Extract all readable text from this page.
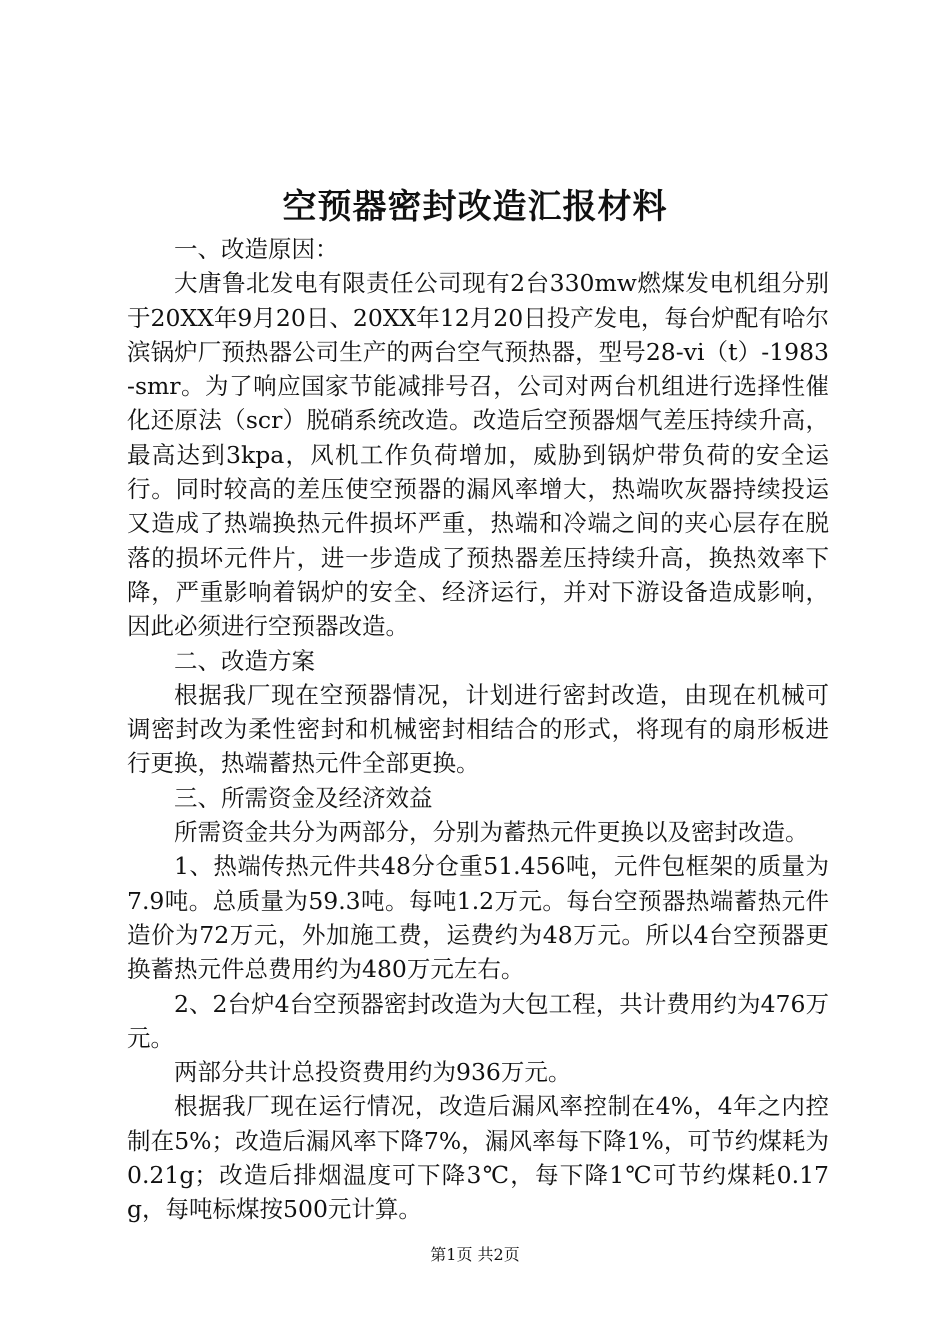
空预器密封改造汇报材料

一、改造原因：

大唐鲁北发电有限责任公司现有2台330mw燃煤发电机组分别于20XX年9月20日、20XX年12月20日投产发电，每台炉配有哈尔滨锅炉厂预热器公司生产的两台空气预热器，型号28-vi（t）-1983-smr。为了响应国家节能减排号召，公司对两台机组进行选择性催化还原法（scr）脱硝系统改造。改造后空预器烟气差压持续升高，最高达到3kpa，风机工作负荷增加，威胁到锅炉带负荷的安全运行。同时较高的差压使空预器的漏风率增大，热端吹灰器持续投运又造成了热端换热元件损坏严重，热端和冷端之间的夹心层存在脱落的损坏元件片，进一步造成了预热器差压持续升高，换热效率下降，严重影响着锅炉的安全、经济运行，并对下游设备造成影响，因此必须进行空预器改造。

二、改造方案

根据我厂现在空预器情况，计划进行密封改造，由现在机械可调密封改为柔性密封和机械密封相结合的形式，将现有的扇形板进行更换，热端蓄热元件全部更换。

三、所需资金及经济效益

所需资金共分为两部分，分别为蓄热元件更换以及密封改造。

1、热端传热元件共48分仓重51.456吨，元件包框架的质量为7.9吨。总质量为59.3吨。每吨1.2万元。每台空预器热端蓄热元件造价为72万元，外加施工费，运费约为48万元。所以4台空预器更换蓄热元件总费用约为480万元左右。

2、2台炉4台空预器密封改造为大包工程，共计费用约为476万元。

两部分共计总投资费用约为936万元。

根据我厂现在运行情况，改造后漏风率控制在4%，4年之内控制在5%；改造后漏风率下降7%，漏风率每下降1%，可节约煤耗为0.21g；改造后排烟温度可下降3℃，每下降1℃可节约煤耗0.17g，每吨标煤按500元计算。

第1页 共2页
